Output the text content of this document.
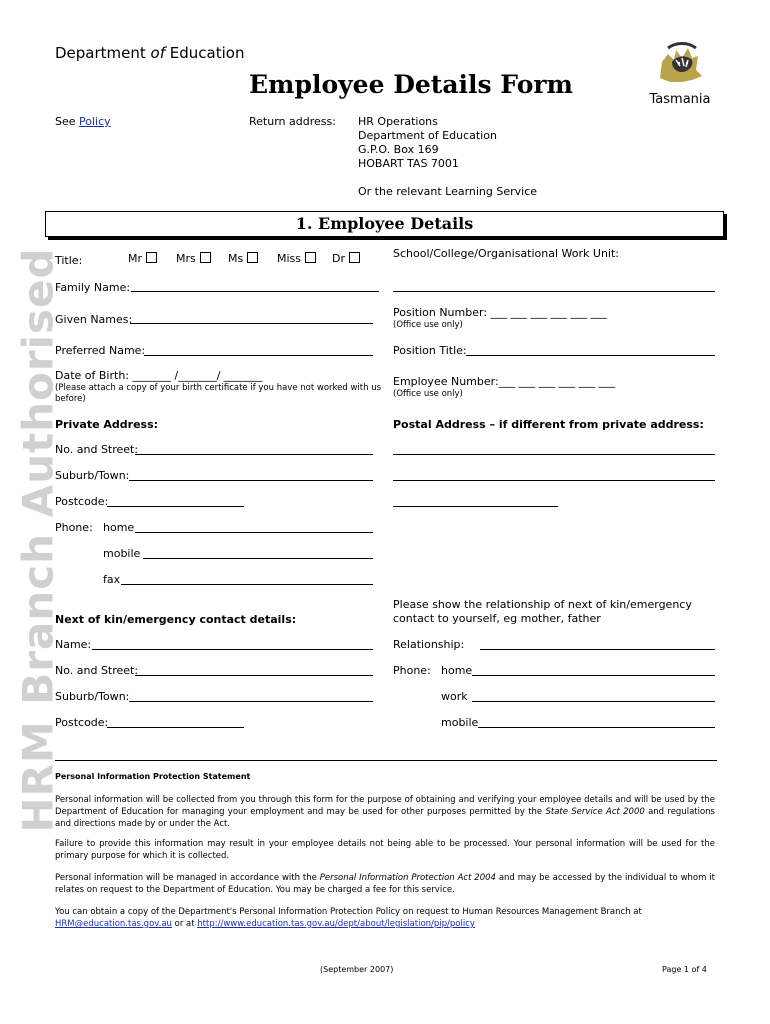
HRM Branch Authorised
Department of Education
Employee Details Form
Tasmania
See Policy	Return address: HR Operations
Department of Education
G.P.O. Box 169
HOBART TAS 7001
Or the relevant Learning Service
1. Employee Details
Title:	Mr	Mrs	Ms	Miss	Dr	School/College/Organisational Work Unit:
Family Name:
Given Names:
Position Number: ___ ___ ___ ___ ___ ___
(Office use only)
Preferred Name:	Position Title:
Date of Birth: _______ /_______/ _______
(Please attach a copy of your birth certificate if you have not worked with us
before)
Employee Number:___ ___ ___ ___ ___ ___
(Office use only)
Private Address:	Postal Address – if different from private address:
No. and Street:
Suburb/Town:
Postcode:
Phone: home
mobile
fax
Please show the relationship of next of kin/emergency
contact to yourself, eg mother, father
Next of kin/emergency contact details:
Name:	Relationship:
No. and Street:	Phone: home
Suburb/Town:	work
Postcode:	mobile
Personal Information Protection Statement
Personal information will be collected from you through this form for the purpose of obtaining and verifying your employee details and will be used by the Department of Education for managing your employment and may be used for other purposes permitted by the State Service Act 2000 and regulations and directions made by or under the Act.
Failure to provide this information may result in your employee details not being able to be processed. Your personal information will be used for the primary purpose for which it is collected.
Personal information will be managed in accordance with the Personal Information Protection Act 2004 and may be accessed by the individual to whom it relates on request to the Department of Education. You may be charged a fee for this service.
You can obtain a copy of the Department's Personal Information Protection Policy on request to Human Resources Management Branch at
HRM@education.tas.gov.au or at http://www.education.tas.gov.au/dept/about/legislation/pip/policy
(September 2007)	Page 1 of 4
